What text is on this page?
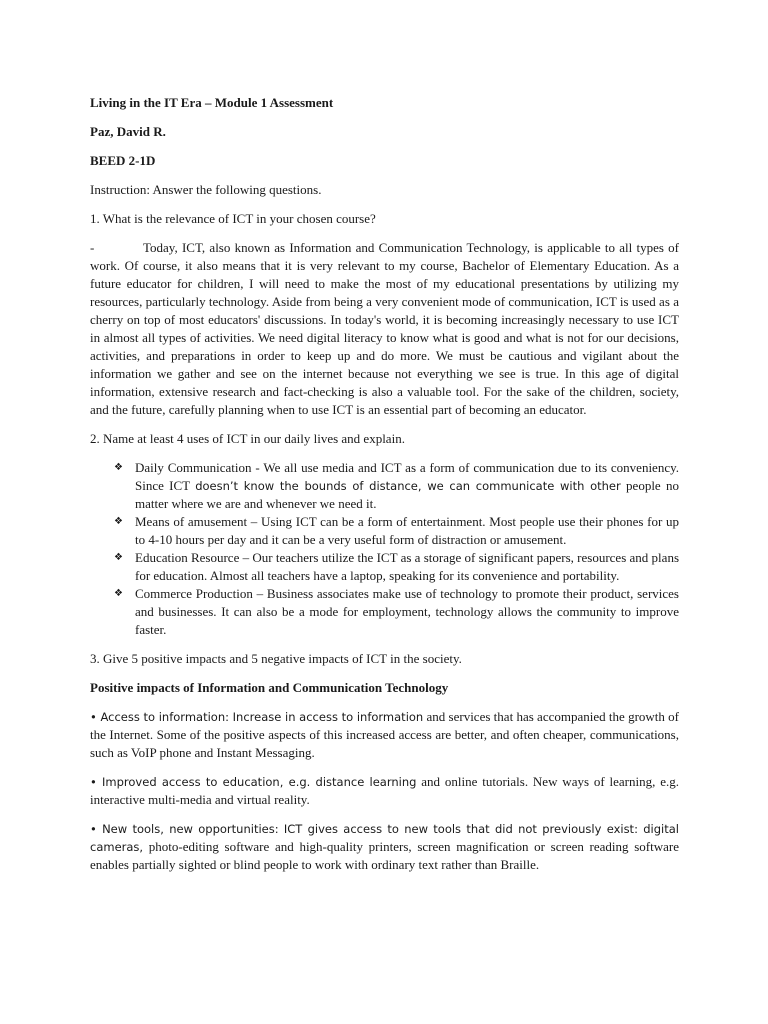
Living in the IT Era – Module 1 Assessment

Paz, David R.

BEED 2-1D

Instruction: Answer the following questions.

1. What is the relevance of ICT in your chosen course?

-	Today, ICT, also known as Information and Communication Technology, is applicable to all types of work. Of course, it also means that it is very relevant to my course, Bachelor of Elementary Education. As a future educator for children, I will need to make the most of my educational presentations by utilizing my resources, particularly technology. Aside from being a very convenient mode of communication, ICT is used as a cherry on top of most educators' discussions. In today's world, it is becoming increasingly necessary to use ICT in almost all types of activities. We need digital literacy to know what is good and what is not for our decisions, activities, and preparations in order to keep up and do more. We must be cautious and vigilant about the information we gather and see on the internet because not everything we see is true. In this age of digital information, extensive research and fact-checking is also a valuable tool. For the sake of the children, society, and the future, carefully planning when to use ICT is an essential part of becoming an educator.

2. Name at least 4 uses of ICT in our daily lives and explain.

❖ Daily Communication - We all use media and ICT as a form of communication due to its conveniency. Since ICT doesn’t know the bounds of distance, we can communicate with other people no matter where we are and whenever we need it.
❖ Means of amusement – Using ICT can be a form of entertainment. Most people use their phones for up to 4-10 hours per day and it can be a very useful form of distraction or amusement.
❖ Education Resource – Our teachers utilize the ICT as a storage of significant papers, resources and plans for education. Almost all teachers have a laptop, speaking for its convenience and portability.
❖ Commerce Production – Business associates make use of technology to promote their product, services and businesses. It can also be a mode for employment, technology allows the community to improve faster.

3. Give 5 positive impacts and 5 negative impacts of ICT in the society.

Positive impacts of Information and Communication Technology

• Access to information: Increase in access to information and services that has accompanied the growth of the Internet. Some of the positive aspects of this increased access are better, and often cheaper, communications, such as VoIP phone and Instant Messaging.

• Improved access to education, e.g. distance learning and online tutorials. New ways of learning, e.g. interactive multi-media and virtual reality.

• New tools, new opportunities: ICT gives access to new tools that did not previously exist: digital cameras, photo-editing software and high-quality printers, screen magnification or screen reading software enables partially sighted or blind people to work with ordinary text rather than Braille.
